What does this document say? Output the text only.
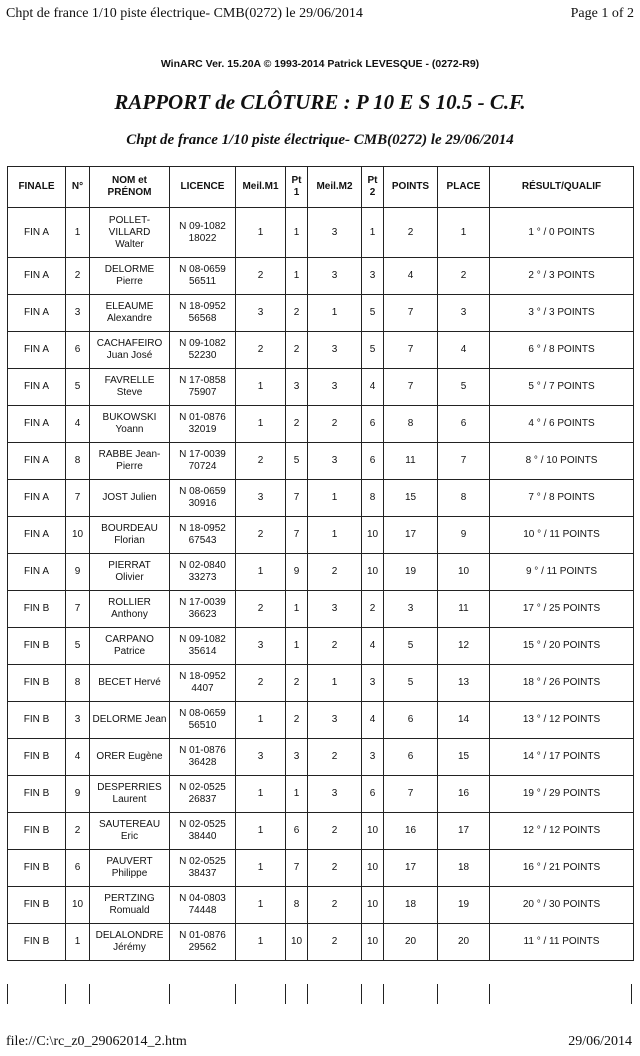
Chpt de france 1/10 piste électrique- CMB(0272) le 29/06/2014	Page 1 of 2
WinARC Ver. 15.20A © 1993-2014 Patrick LEVESQUE - (0272-R9)
RAPPORT de CLÔTURE : P 10 E S 10.5 - C.F.
Chpt de france 1/10 piste électrique- CMB(0272) le 29/06/2014
FINALE	N°	NOM et
PRÉNOM	LICENCE	Meil.M1	Pt
1	Meil.M2	Pt
2	POINTS	PLACE	RÉSULT/QUALIF
FIN A	1	POLLET-
VILLARD
Walter	N 09-1082
18022	1	1	3	1	2	1	1 ° / 0 POINTS
FIN A	2	DELORME
Pierre	N 08-0659
56511	2	1	3	3	4	2	2 ° / 3 POINTS
FIN A	3	ELEAUME
Alexandre	N 18-0952
56568	3	2	1	5	7	3	3 ° / 3 POINTS
FIN A	6	CACHAFEIRO
Juan José	N 09-1082
52230	2	2	3	5	7	4	6 ° / 8 POINTS
FIN A	5	FAVRELLE
Steve	N 17-0858
75907	1	3	3	4	7	5	5 ° / 7 POINTS
FIN A	4	BUKOWSKI
Yoann	N 01-0876
32019	1	2	2	6	8	6	4 ° / 6 POINTS
FIN A	8	RABBE Jean-
Pierre	N 17-0039
70724	2	5	3	6	11	7	8 ° / 10 POINTS
FIN A	7	JOST Julien	N 08-0659
30916	3	7	1	8	15	8	7 ° / 8 POINTS
FIN A	10	BOURDEAU
Florian	N 18-0952
67543	2	7	1	10	17	9	10 ° / 11 POINTS
FIN A	9	PIERRAT
Olivier	N 02-0840
33273	1	9	2	10	19	10	9 ° / 11 POINTS
FIN B	7	ROLLIER
Anthony	N 17-0039
36623	2	1	3	2	3	11	17 ° / 25 POINTS
FIN B	5	CARPANO
Patrice	N 09-1082
35614	3	1	2	4	5	12	15 ° / 20 POINTS
FIN B	8	BECET Hervé	N 18-0952
4407	2	2	1	3	5	13	18 ° / 26 POINTS
FIN B	3	DELORME Jean	N 08-0659
56510	1	2	3	4	6	14	13 ° / 12 POINTS
FIN B	4	ORER Eugène	N 01-0876
36428	3	3	2	3	6	15	14 ° / 17 POINTS
FIN B	9	DESPERRIES
Laurent	N 02-0525
26837	1	1	3	6	7	16	19 ° / 29 POINTS
FIN B	2	SAUTEREAU
Eric	N 02-0525
38440	1	6	2	10	16	17	12 ° / 12 POINTS
FIN B	6	PAUVERT
Philippe	N 02-0525
38437	1	7	2	10	17	18	16 ° / 21 POINTS
FIN B	10	PERTZING
Romuald	N 04-0803
74448	1	8	2	10	18	19	20 ° / 30 POINTS
FIN B	1	DELALONDRE
Jérémy	N 01-0876
29562	1	10	2	10	20	20	11 ° / 11 POINTS
file://C:\rc_z0_29062014_2.htm	29/06/2014
